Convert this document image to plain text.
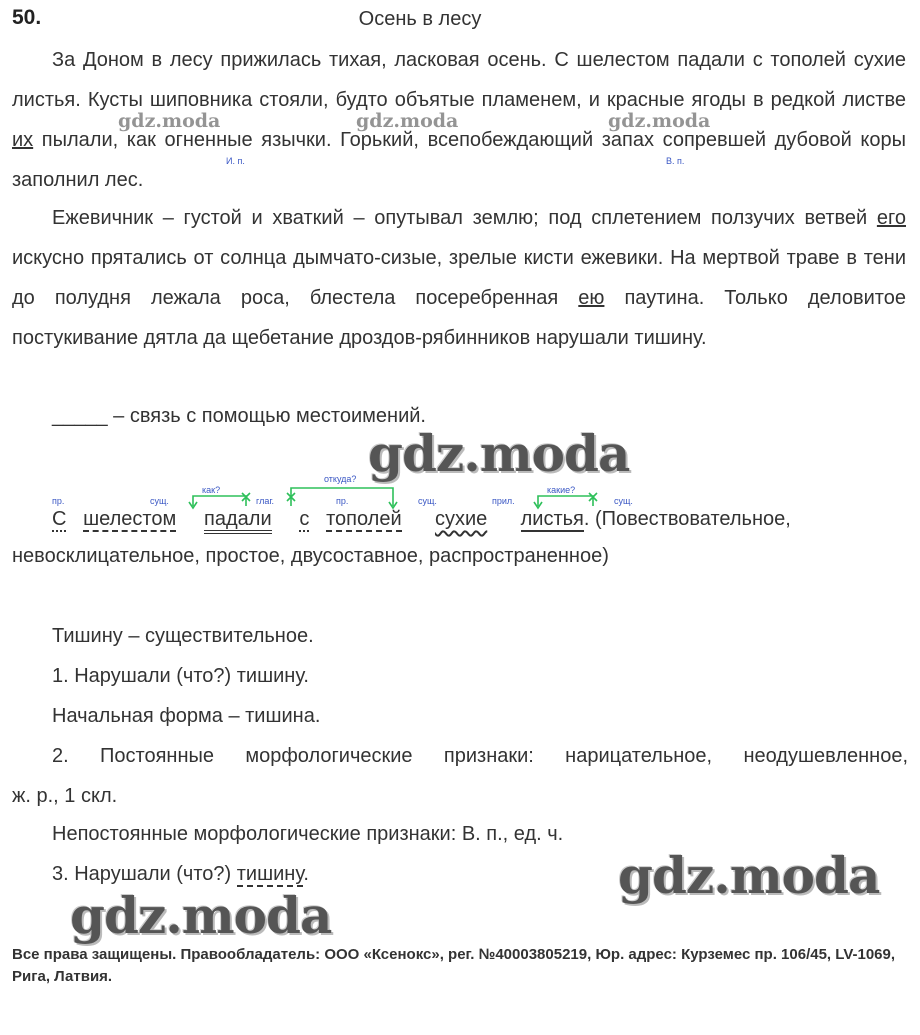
50.	Осень в лесу
За Доном в лесу прижилась тихая, ласковая осень. С шелестом падали с тополей сухие листья. Кусты шиповника стояли, будто объятые пламенем, и красные ягоды в редкой листве их пылали, как огненные язычки. Горький, всепобеждающий запах сопревшей дубовой коры заполнил лес.
И. п.	В. п.
Ежевичник – густой и хваткий – опутывал землю; под сплетением ползучих ветвей его искусно прятались от солнца дымчато-сизые, зрелые кисти ежевики. На мертвой траве в тени до полудня лежала роса, блестела посеребренная ею паутина. Только деловитое постукивание дятла да щебетание дроздов-рябинников нарушали тишину.
_____ – связь с помощью местоимений.
пр.	сущ.	глаг.	пр.	сущ.	прил.	сущ.
как?
откуда?
какие?
С шелестом падали с тополей сухие листья. (Повествовательное,
невосклицательное, простое, двусоставное, распространенное)
Тишину – существительное.
1. Нарушали (что?) тишину.
Начальная форма – тишина.
2. Постоянные морфологические признаки: нарицательное, неодушевленное,
ж. р., 1 скл.
Непостоянные морфологические признаки: В. п., ед. ч.
3. Нарушали (что?) тишину.
gdz.moda	gdz.moda	gdz.moda
gdz.moda
gdz.moda
gdz.moda
Все права защищены. Правообладатель: ООО «Ксенокс», рег. №40003805219, Юр. адрес: Курземес пр. 106/45, LV-1069, Рига, Латвия.
